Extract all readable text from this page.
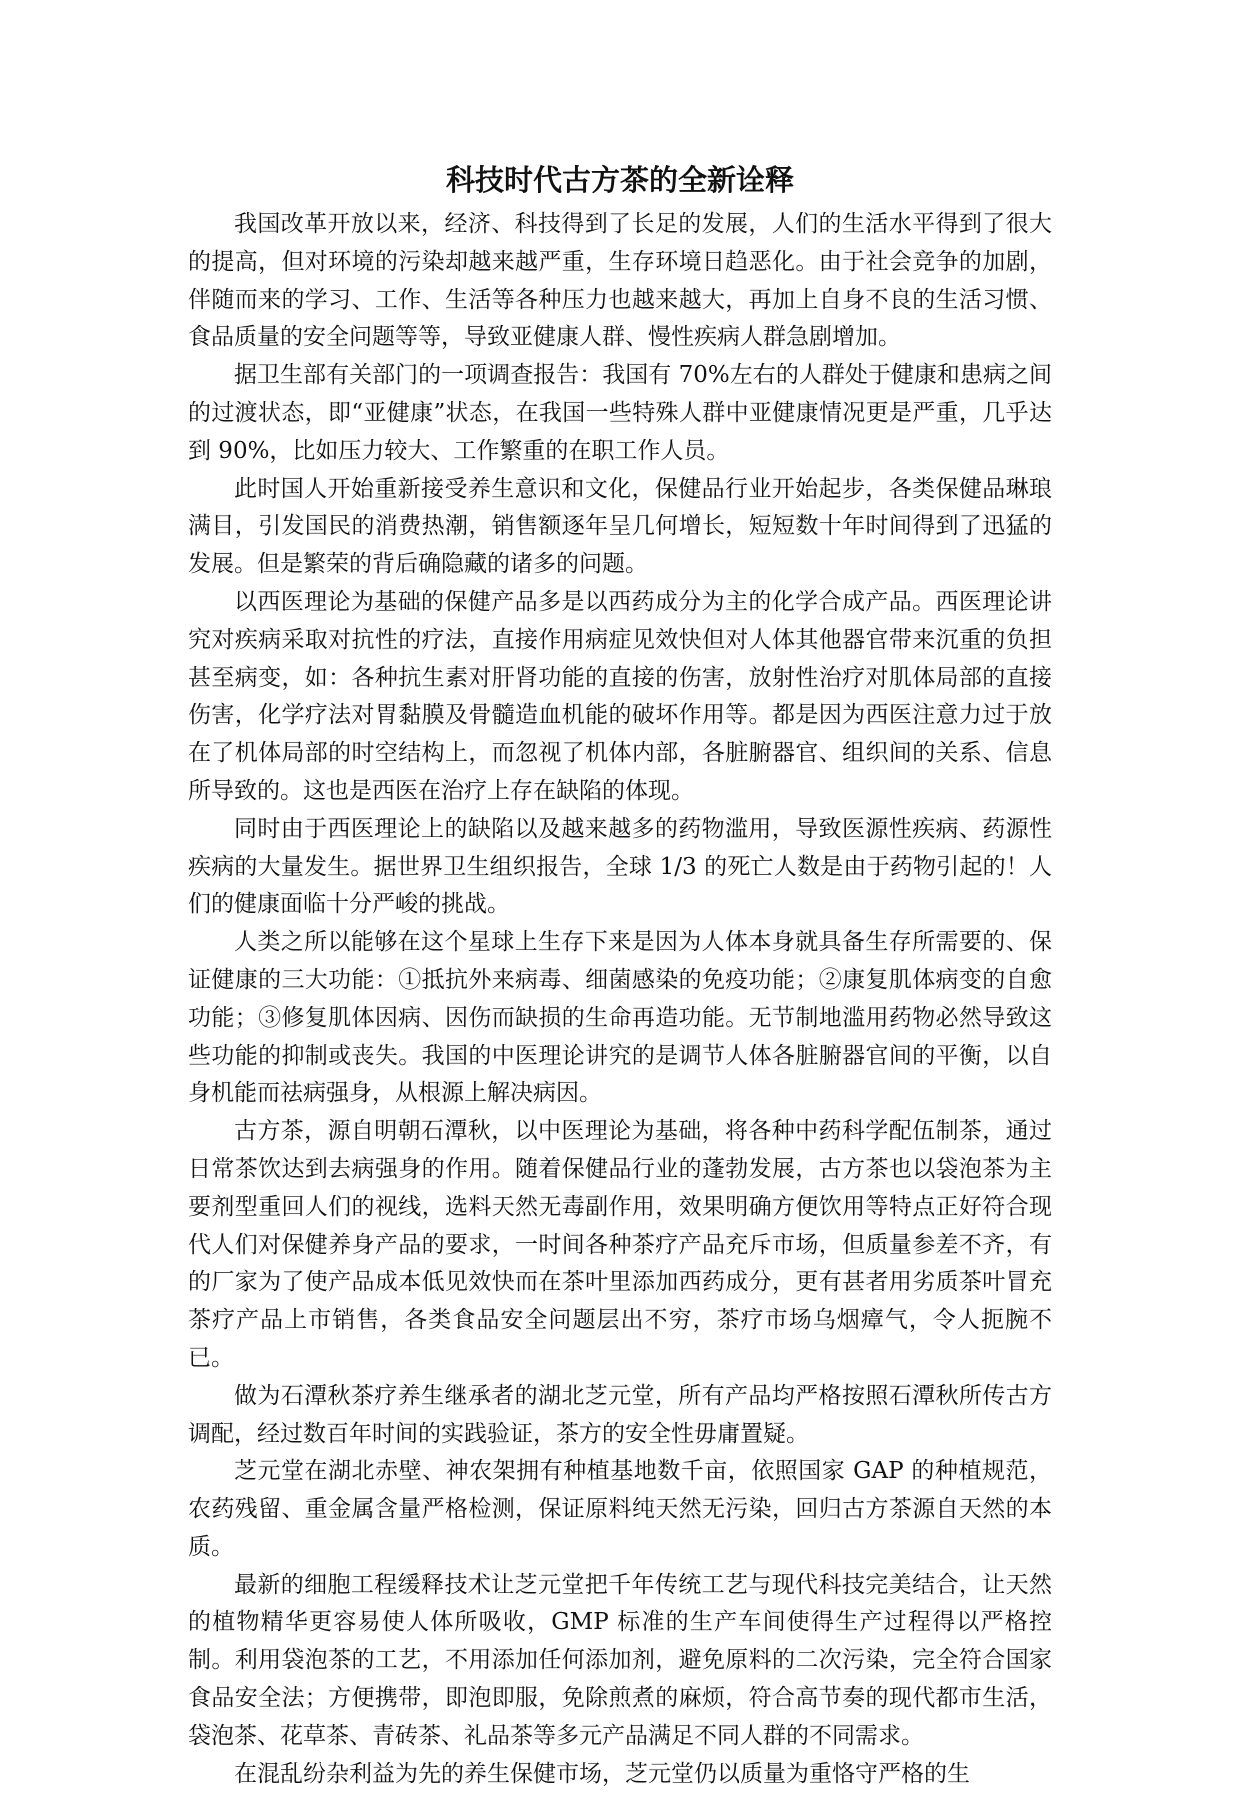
科技时代古方茶的全新诠释

我国改革开放以来，经济、科技得到了长足的发展，人们的生活水平得到了很大的提高，但对环境的污染却越来越严重，生存环境日趋恶化。由于社会竞争的加剧，伴随而来的学习、工作、生活等各种压力也越来越大，再加上自身不良的生活习惯、食品质量的安全问题等等，导致亚健康人群、慢性疾病人群急剧增加。

据卫生部有关部门的一项调查报告：我国有 70%左右的人群处于健康和患病之间的过渡状态，即“亚健康”状态，在我国一些特殊人群中亚健康情况更是严重，几乎达到 90%，比如压力较大、工作繁重的在职工作人员。

此时国人开始重新接受养生意识和文化，保健品行业开始起步，各类保健品琳琅满目，引发国民的消费热潮，销售额逐年呈几何增长，短短数十年时间得到了迅猛的发展。但是繁荣的背后确隐藏的诸多的问题。

以西医理论为基础的保健产品多是以西药成分为主的化学合成产品。西医理论讲究对疾病采取对抗性的疗法，直接作用病症见效快但对人体其他器官带来沉重的负担甚至病变，如：各种抗生素对肝肾功能的直接的伤害，放射性治疗对肌体局部的直接伤害，化学疗法对胃黏膜及骨髓造血机能的破坏作用等。都是因为西医注意力过于放在了机体局部的时空结构上，而忽视了机体内部，各脏腑器官、组织间的关系、信息所导致的。这也是西医在治疗上存在缺陷的体现。

同时由于西医理论上的缺陷以及越来越多的药物滥用，导致医源性疾病、药源性疾病的大量发生。据世界卫生组织报告，全球 1/3 的死亡人数是由于药物引起的！人们的健康面临十分严峻的挑战。

人类之所以能够在这个星球上生存下来是因为人体本身就具备生存所需要的、保证健康的三大功能：①抵抗外来病毒、细菌感染的免疫功能；②康复肌体病变的自愈功能；③修复肌体因病、因伤而缺损的生命再造功能。无节制地滥用药物必然导致这些功能的抑制或丧失。我国的中医理论讲究的是调节人体各脏腑器官间的平衡，以自身机能而祛病强身，从根源上解决病因。

古方茶，源自明朝石潭秋，以中医理论为基础，将各种中药科学配伍制茶，通过日常茶饮达到去病强身的作用。随着保健品行业的蓬勃发展，古方茶也以袋泡茶为主要剂型重回人们的视线，选料天然无毒副作用，效果明确方便饮用等特点正好符合现代人们对保健养身产品的要求，一时间各种茶疗产品充斥市场，但质量参差不齐，有的厂家为了使产品成本低见效快而在茶叶里添加西药成分，更有甚者用劣质茶叶冒充茶疗产品上市销售，各类食品安全问题层出不穷，茶疗市场乌烟瘴气，令人扼腕不已。

做为石潭秋茶疗养生继承者的湖北芝元堂，所有产品均严格按照石潭秋所传古方调配，经过数百年时间的实践验证，茶方的安全性毋庸置疑。

芝元堂在湖北赤壁、神农架拥有种植基地数千亩，依照国家 GAP 的种植规范，农药残留、重金属含量严格检测，保证原料纯天然无污染，回归古方茶源自天然的本质。

最新的细胞工程缓释技术让芝元堂把千年传统工艺与现代科技完美结合，让天然的植物精华更容易使人体所吸收，GMP 标准的生产车间使得生产过程得以严格控制。利用袋泡茶的工艺，不用添加任何添加剂，避免原料的二次污染，完全符合国家食品安全法；方便携带，即泡即服，免除煎煮的麻烦，符合高节奏的现代都市生活，袋泡茶、花草茶、青砖茶、礼品茶等多元产品满足不同人群的不同需求。

在混乱纷杂利益为先的养生保健市场，芝元堂仍以质量为重恪守严格的生
